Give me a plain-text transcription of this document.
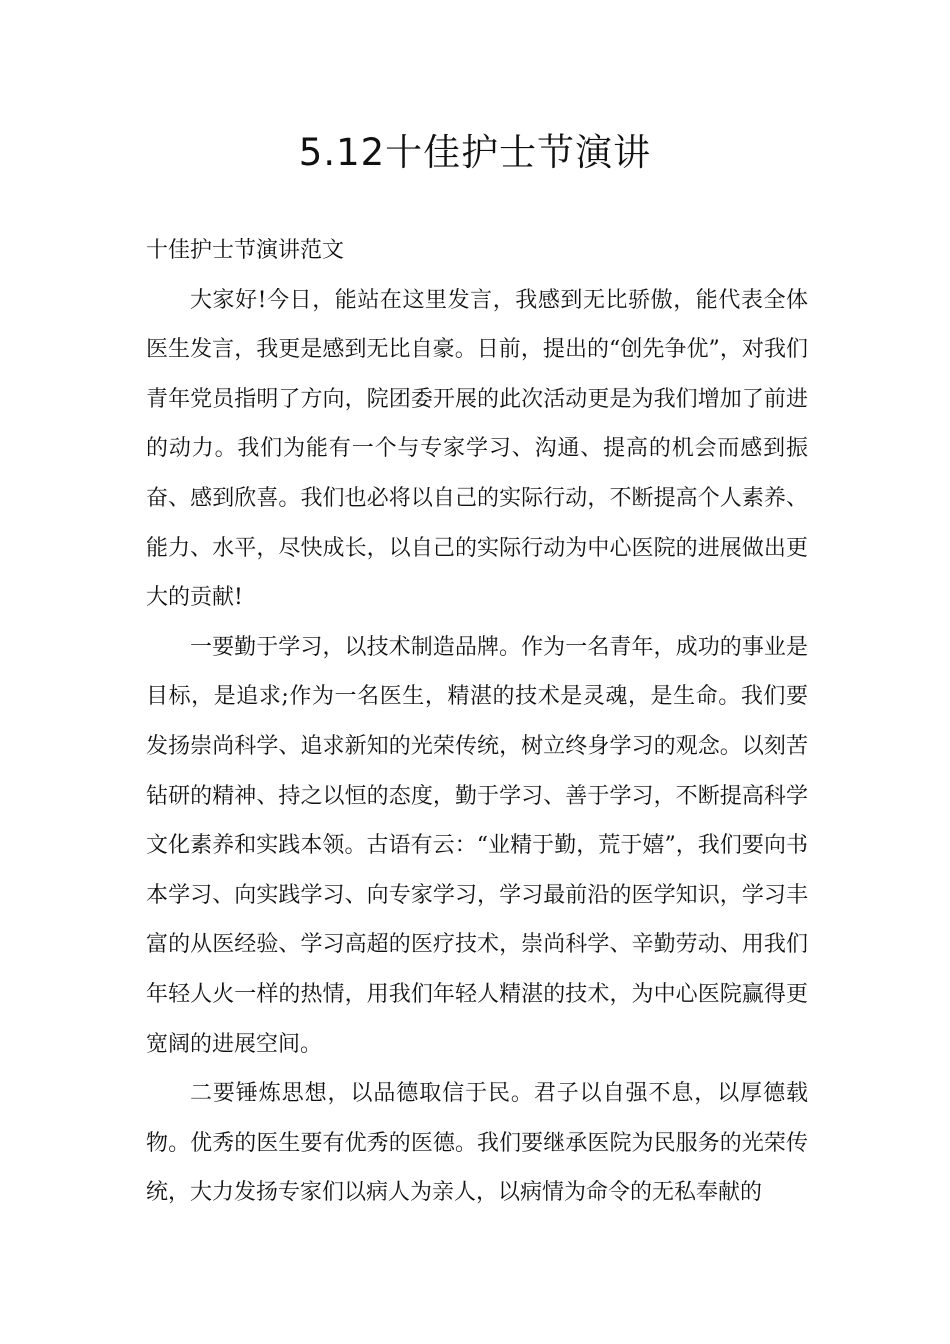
5.12十佳护士节演讲

十佳护士节演讲范文

大家好!今日，能站在这里发言，我感到无比骄傲，能代表全体医生发言，我更是感到无比自豪。日前，提出的“创先争优”，对我们青年党员指明了方向，院团委开展的此次活动更是为我们增加了前进的动力。我们为能有一个与专家学习、沟通、提高的机会而感到振奋、感到欣喜。我们也必将以自己的实际行动，不断提高个人素养、能力、水平，尽快成长，以自己的实际行动为中心医院的进展做出更大的贡献!

一要勤于学习，以技术制造品牌。作为一名青年，成功的事业是目标，是追求;作为一名医生，精湛的技术是灵魂，是生命。我们要发扬崇尚科学、追求新知的光荣传统，树立终身学习的观念。以刻苦钻研的精神、持之以恒的态度，勤于学习、善于学习，不断提高科学文化素养和实践本领。古语有云：“业精于勤，荒于嬉”，我们要向书本学习、向实践学习、向专家学习，学习最前沿的医学知识，学习丰富的从医经验、学习高超的医疗技术，崇尚科学、辛勤劳动、用我们年轻人火一样的热情，用我们年轻人精湛的技术，为中心医院赢得更宽阔的进展空间。

二要锤炼思想，以品德取信于民。君子以自强不息，以厚德载物。优秀的医生要有优秀的医德。我们要继承医院为民服务的光荣传统，大力发扬专家们以病人为亲人，以病情为命令的无私奉献的
